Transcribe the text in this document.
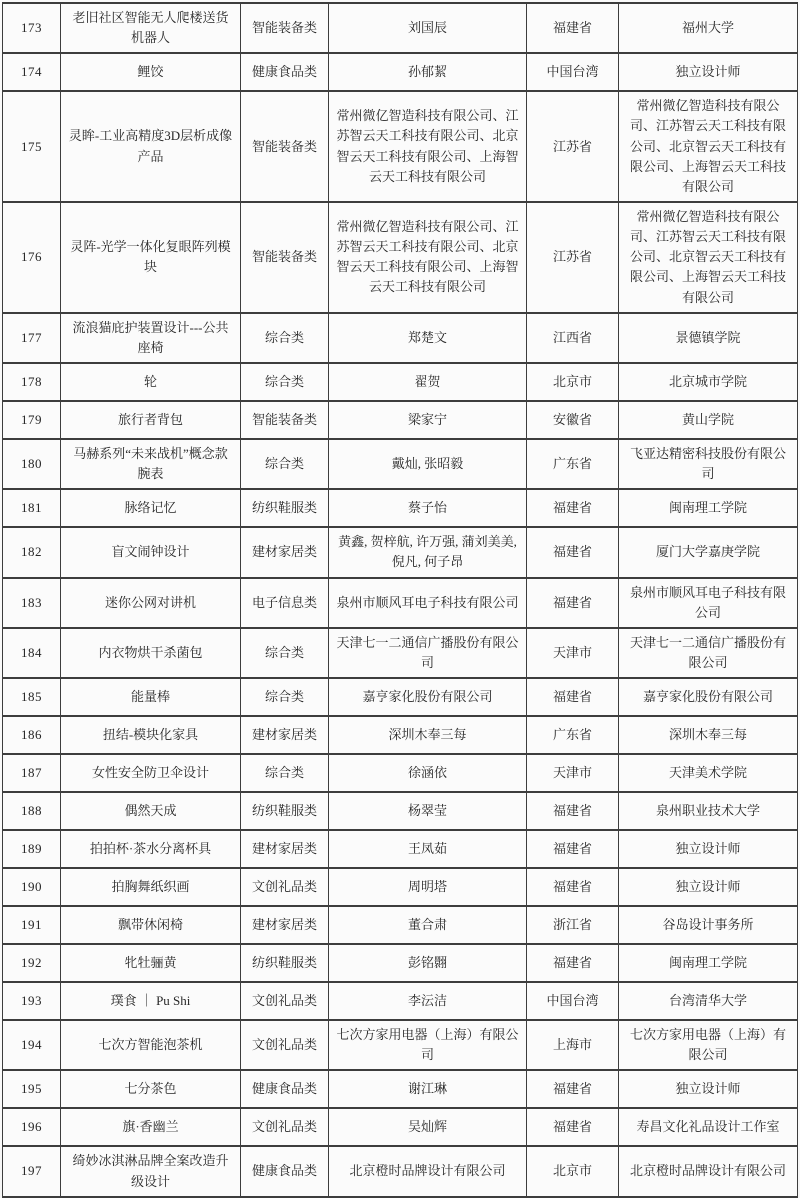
173	老旧社区智能无人爬楼送货机器人	智能装备类	刘国辰	福建省	福州大学
174	鲤饺	健康食品类	孙郁絜	中国台湾	独立设计师
175	灵眸-工业高精度3D层析成像产品	智能装备类	常州微亿智造科技有限公司、江苏智云天工科技有限公司、北京智云天工科技有限公司、上海智云天工科技有限公司	江苏省	常州微亿智造科技有限公司、江苏智云天工科技有限公司、北京智云天工科技有限公司、上海智云天工科技有限公司
176	灵阵-光学一体化复眼阵列模块	智能装备类	常州微亿智造科技有限公司、江苏智云天工科技有限公司、北京智云天工科技有限公司、上海智云天工科技有限公司	江苏省	常州微亿智造科技有限公司、江苏智云天工科技有限公司、北京智云天工科技有限公司、上海智云天工科技有限公司
177	流浪猫庇护装置设计---公共座椅	综合类	郑楚文	江西省	景德镇学院
178	轮	综合类	翟贺	北京市	北京城市学院
179	旅行者背包	智能装备类	梁家宁	安徽省	黄山学院
180	马赫系列“未来战机”概念款腕表	综合类	戴灿, 张昭毅	广东省	飞亚达精密科技股份有限公司
181	脉络记忆	纺织鞋服类	蔡子怡	福建省	闽南理工学院
182	盲文闹钟设计	建材家居类	黄鑫, 贺梓航, 许万强, 蒲刘美美, 倪凡, 何子昂	福建省	厦门大学嘉庚学院
183	迷你公网对讲机	电子信息类	泉州市顺风耳电子科技有限公司	福建省	泉州市顺风耳电子科技有限公司
184	内衣物烘干杀菌包	综合类	天津七一二通信广播股份有限公司	天津市	天津七一二通信广播股份有限公司
185	能量棒	综合类	嘉亨家化股份有限公司	福建省	嘉亨家化股份有限公司
186	扭结-模块化家具	建材家居类	深圳木奉三每	广东省	深圳木奉三每
187	女性安全防卫伞设计	综合类	徐涵依	天津市	天津美术学院
188	偶然天成	纺织鞋服类	杨翠莹	福建省	泉州职业技术大学
189	拍拍杯·茶水分离杯具	建材家居类	王凤茹	福建省	独立设计师
190	拍胸舞纸织画	文创礼品类	周明塔	福建省	独立设计师
191	飘带休闲椅	建材家居类	董合肃	浙江省	谷岛设计事务所
192	牝牡骊黄	纺织鞋服类	彭铭翾	福建省	闽南理工学院
193	璞食 ｜ Pu Shi	文创礼品类	李沄洁	中国台湾	台湾清华大学
194	七次方智能泡茶机	文创礼品类	七次方家用电器（上海）有限公司	上海市	七次方家用电器（上海）有限公司
195	七分茶色	健康食品类	谢江琳	福建省	独立设计师
196	旗·香幽兰	文创礼品类	吴灿辉	福建省	寿昌文化礼品设计工作室
197	绮妙冰淇淋品牌全案改造升级设计	健康食品类	北京橙时品牌设计有限公司	北京市	北京橙时品牌设计有限公司
